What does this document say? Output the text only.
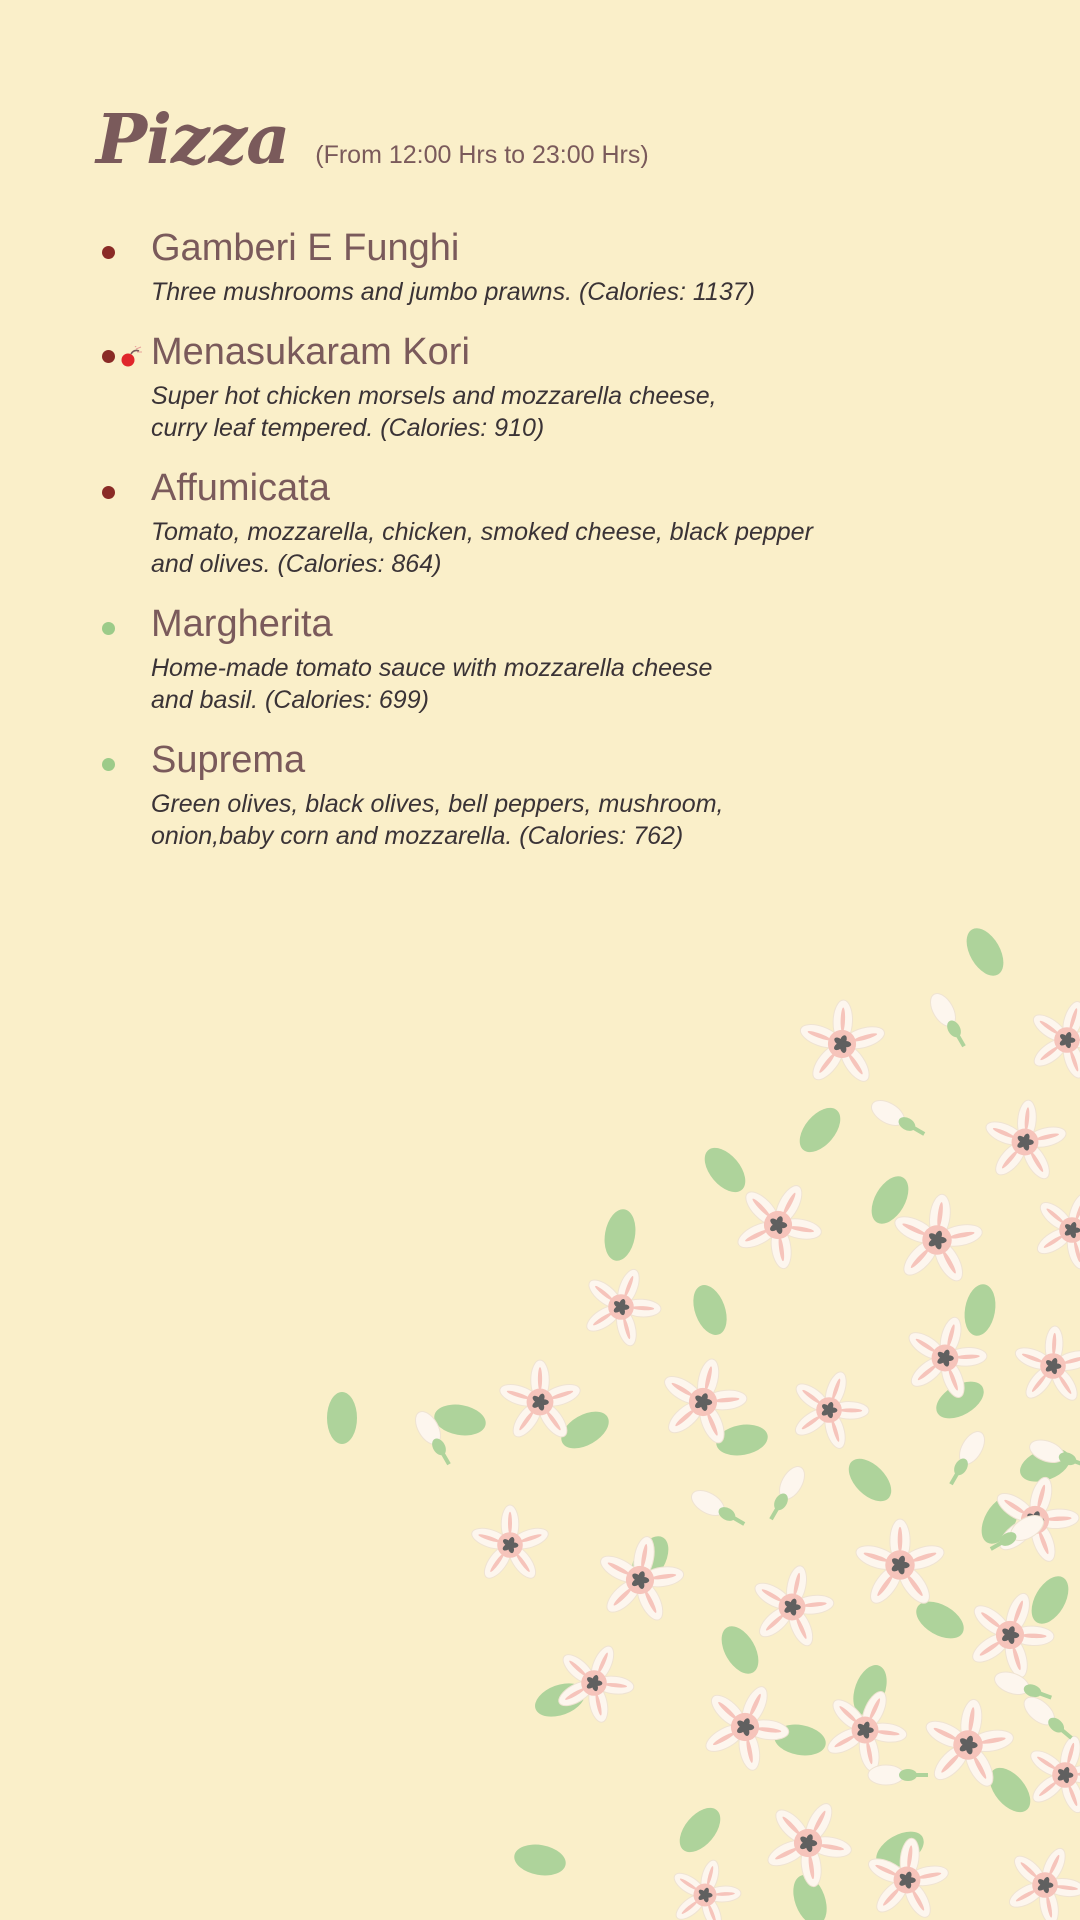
Pizza (From 12:00 Hrs to 23:00 Hrs)
Gamberi E Funghi
Three mushrooms and jumbo prawns. (Calories: 1137)
Menasukaram Kori
Super hot chicken morsels and mozzarella cheese,
curry leaf tempered. (Calories: 910)
Affumicata
Tomato, mozzarella, chicken, smoked cheese, black pepper
and olives. (Calories: 864)
Margherita
Home-made tomato sauce with mozzarella cheese
and basil. (Calories: 699)
Suprema
Green olives, black olives, bell peppers, mushroom,
onion,baby corn and mozzarella. (Calories: 762)
